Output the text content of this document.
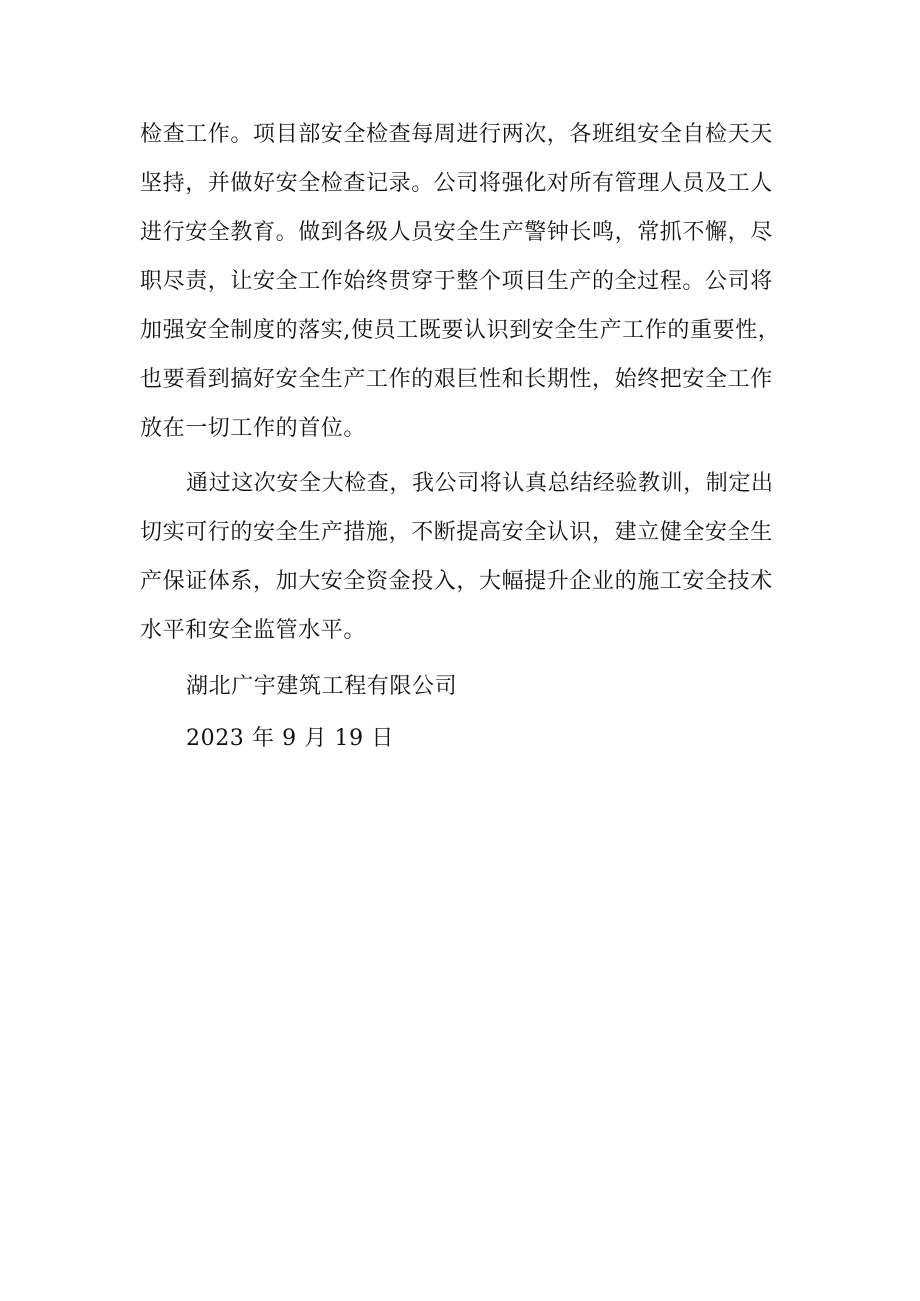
检查工作。项目部安全检查每周进行两次，各班组安全自检天天
坚持，并做好安全检查记录。公司将强化对所有管理人员及工人
进行安全教育。做到各级人员安全生产警钟长鸣，常抓不懈，尽
职尽责，让安全工作始终贯穿于整个项目生产的全过程。公司将
加强安全制度的落实,使员工既要认识到安全生产工作的重要性，
也要看到搞好安全生产工作的艰巨性和长期性，始终把安全工作
放在一切工作的首位。
通过这次安全大检查，我公司将认真总结经验教训，制定出
切实可行的安全生产措施，不断提高安全认识，建立健全安全生
产保证体系，加大安全资金投入，大幅提升企业的施工安全技术
水平和安全监管水平。
湖北广宇建筑工程有限公司
2023 年 9 月 19 日
